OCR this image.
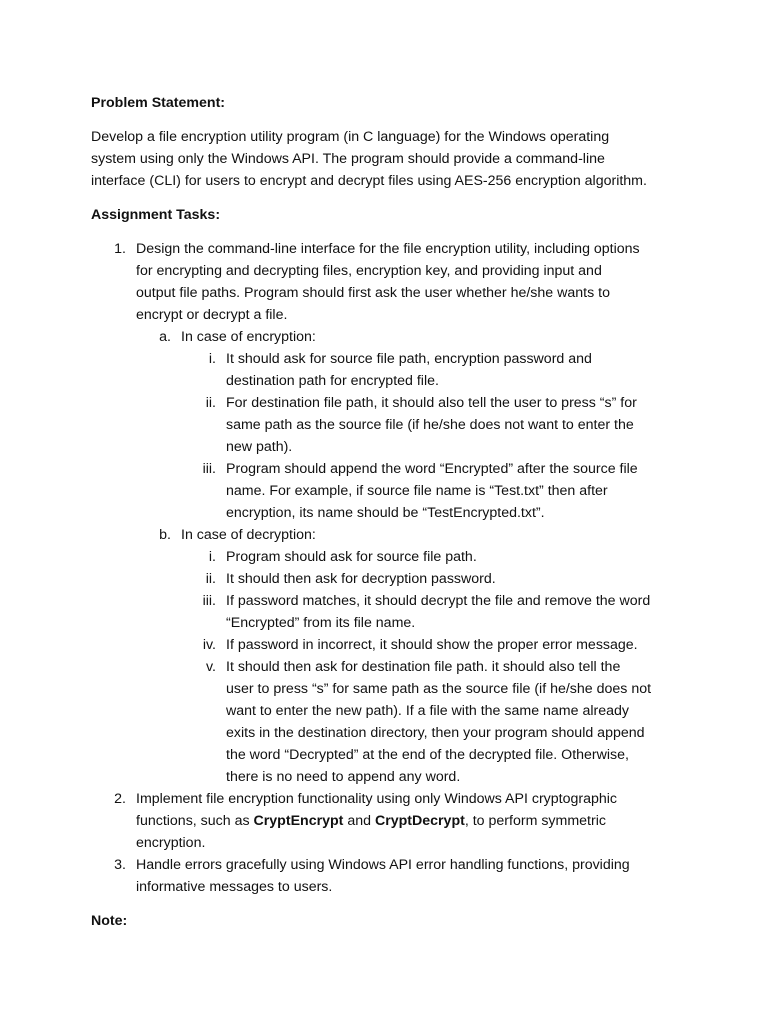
Problem Statement:

Develop a file encryption utility program (in C language) for the Windows operating
system using only the Windows API. The program should provide a command-line
interface (CLI) for users to encrypt and decrypt files using AES-256 encryption algorithm.

Assignment Tasks:

1. Design the command-line interface for the file encryption utility, including options
for encrypting and decrypting files, encryption key, and providing input and
output file paths. Program should first ask the user whether he/she wants to
encrypt or decrypt a file.
a. In case of encryption:
i. It should ask for source file path, encryption password and
destination path for encrypted file.
ii. For destination file path, it should also tell the user to press “s” for
same path as the source file (if he/she does not want to enter the
new path).
iii. Program should append the word “Encrypted” after the source file
name. For example, if source file name is “Test.txt” then after
encryption, its name should be “TestEncrypted.txt”.
b. In case of decryption:
i. Program should ask for source file path.
ii. It should then ask for decryption password.
iii. If password matches, it should decrypt the file and remove the word
“Encrypted” from its file name.
iv. If password in incorrect, it should show the proper error message.
v. It should then ask for destination file path. it should also tell the
user to press “s” for same path as the source file (if he/she does not
want to enter the new path). If a file with the same name already
exits in the destination directory, then your program should append
the word “Decrypted” at the end of the decrypted file. Otherwise,
there is no need to append any word.
2. Implement file encryption functionality using only Windows API cryptographic
functions, such as CryptEncrypt and CryptDecrypt, to perform symmetric
encryption.
3. Handle errors gracefully using Windows API error handling functions, providing
informative messages to users.

Note:
